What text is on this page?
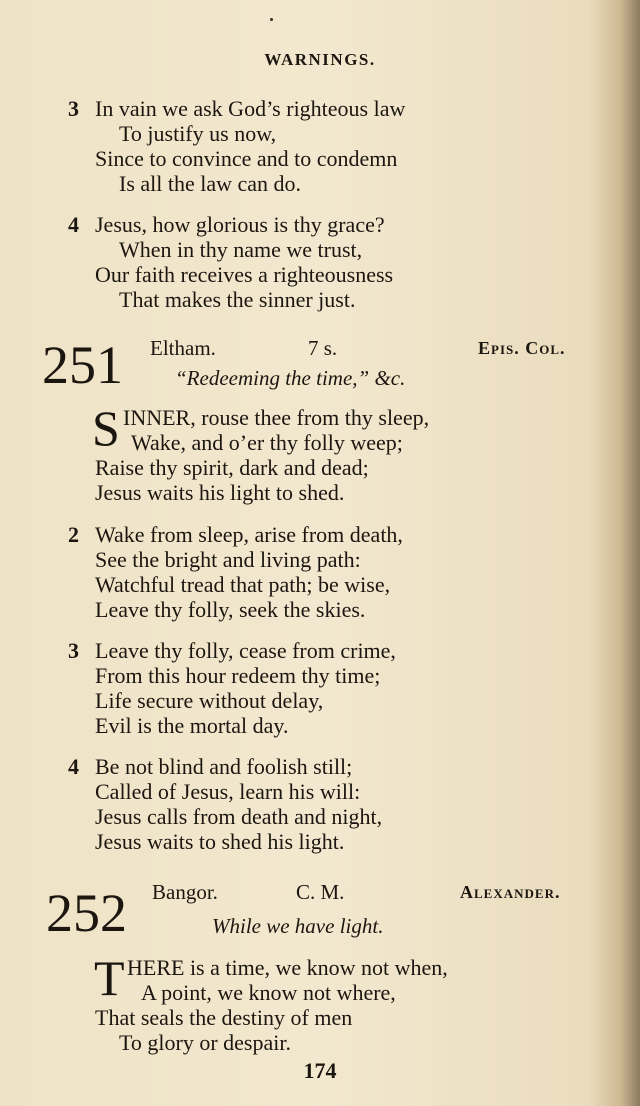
WARNINGS.
3 In vain we ask God’s righteous law
To justify us now,
Since to convince and to condemn
Is all the law can do.
4 Jesus, how glorious is thy grace?
When in thy name we trust,
Our faith receives a righteousness
That makes the sinner just.
251 Eltham.	7 s.	Epis. Col.
“Redeeming the time,” &c.
S INNER, rouse thee from thy sleep,
Wake, and o’er thy folly weep;
Raise thy spirit, dark and dead;
Jesus waits his light to shed.
2 Wake from sleep, arise from death,
See the bright and living path:
Watchful tread that path; be wise,
Leave thy folly, seek the skies.
3 Leave thy folly, cease from crime,
From this hour redeem thy time;
Life secure without delay,
Evil is the mortal day.
4 Be not blind and foolish still;
Called of Jesus, learn his will:
Jesus calls from death and night,
Jesus waits to shed his light.
252 Bangor.	C. M.	Alexander.
While we have light.
T HERE is a time, we know not when,
A point, we know not where,
That seals the destiny of men
To glory or despair.
174
